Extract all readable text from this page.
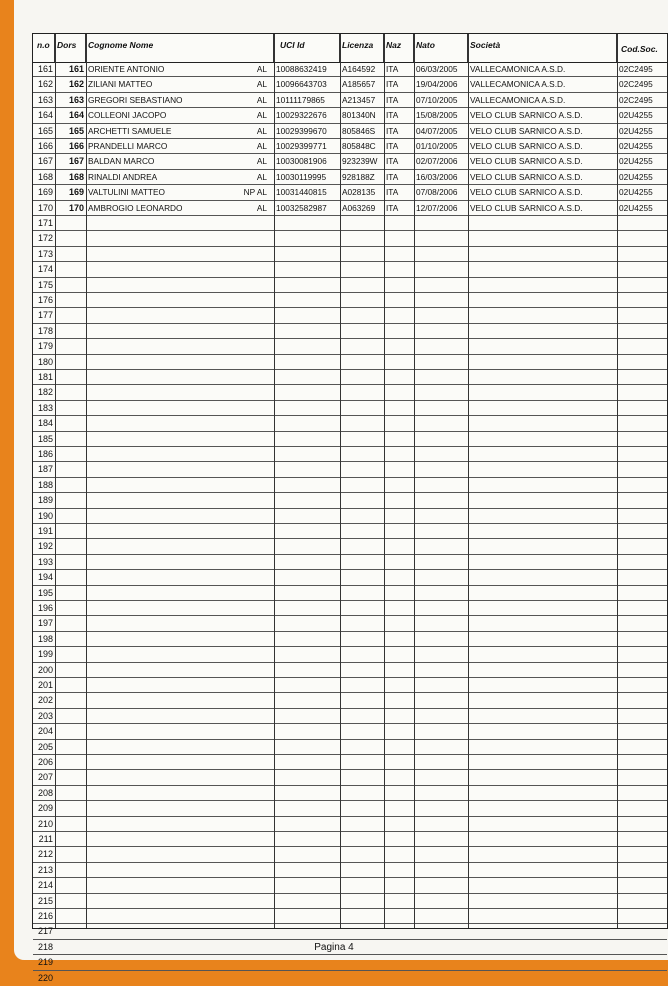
n.o Dors	Cognome Nome	UCI Id	Licenza	Naz	Nato	Società	Cod.Soc.
161	161 ORIENTE ANTONIO	AL	10088632419	A164592	ITA	06/03/2005	VALLECAMONICA A.S.D.	02C2495
162	162 ZILIANI MATTEO	AL	10096643703	A185657	ITA	19/04/2006	VALLECAMONICA A.S.D.	02C2495
163	163 GREGORI SEBASTIANO	AL	10111179865	A213457	ITA	07/10/2005	VALLECAMONICA A.S.D.	02C2495
164	164 COLLEONI JACOPO	AL	10029322676	801340N	ITA	15/08/2005	VELO CLUB SARNICO A.S.D.	02U4255
165	165 ARCHETTI SAMUELE	AL	10029399670	805846S	ITA	04/07/2005	VELO CLUB SARNICO A.S.D.	02U4255
166	166 PRANDELLI MARCO	AL	10029399771	805848C	ITA	01/10/2005	VELO CLUB SARNICO A.S.D.	02U4255
167	167 BALDAN MARCO	AL	10030081906	923239W	ITA	02/07/2006	VELO CLUB SARNICO A.S.D.	02U4255
168	168 RINALDI ANDREA	AL	10030119995	928188Z	ITA	16/03/2006	VELO CLUB SARNICO A.S.D.	02U4255
169	169 VALTULINI MATTEO	NP AL	10031440815	A028135	ITA	07/08/2006	VELO CLUB SARNICO A.S.D.	02U4255
170	170 AMBROGIO LEONARDO	AL	10032582987	A063269	ITA	12/07/2006	VELO CLUB SARNICO A.S.D.	02U4255
171
172
173
174
175
176
177
178
179
180
181
182
183
184
185
186
187
188
189
190
191
192
193
194
195
196
197
198
199
200
201
202
203
204
205
206
207
208
209
210
211
212
213
214
215
216
217
218
219
220
Pagina 4
